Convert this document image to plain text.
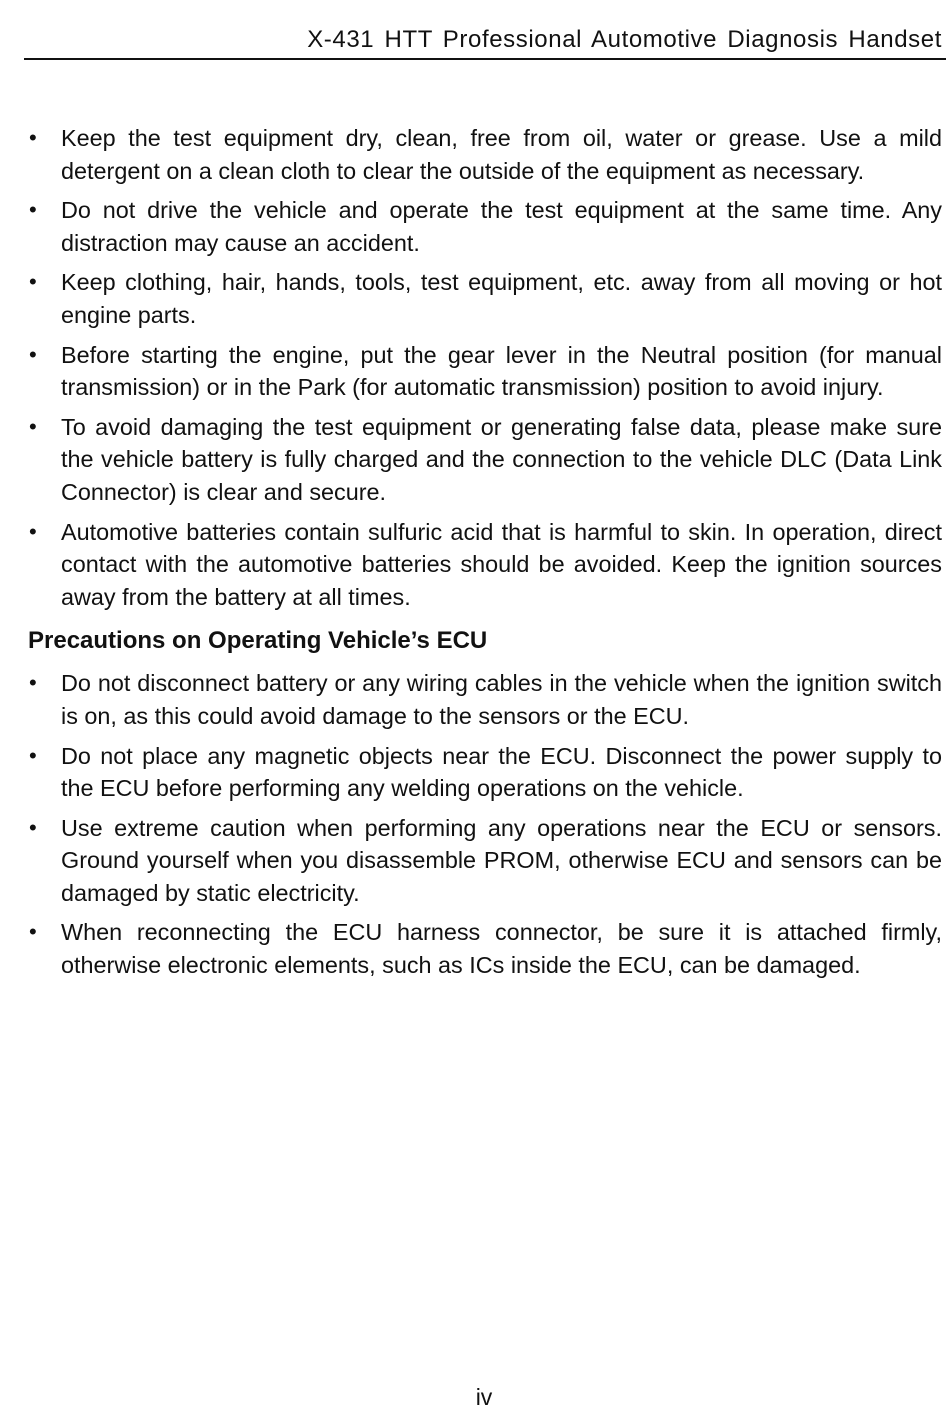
X-431 HTT Professional Automotive Diagnosis Handset
• Keep the test equipment dry, clean, free from oil, water or grease. Use a mild detergent on a clean cloth to clear the outside of the equipment as necessary.
• Do not drive the vehicle and operate the test equipment at the same time. Any distraction may cause an accident.
• Keep clothing, hair, hands, tools, test equipment, etc. away from all moving or hot engine parts.
• Before starting the engine, put the gear lever in the Neutral position (for manual transmission) or in the Park (for automatic transmission) position to avoid injury.
• To avoid damaging the test equipment or generating false data, please make sure the vehicle battery is fully charged and the connection to the vehicle DLC (Data Link Connector) is clear and secure.
• Automotive batteries contain sulfuric acid that is harmful to skin. In operation, direct contact with the automotive batteries should be avoided. Keep the ignition sources away from the battery at all times.
Precautions on Operating Vehicle’s ECU
• Do not disconnect battery or any wiring cables in the vehicle when the ignition switch is on, as this could avoid damage to the sensors or the ECU.
• Do not place any magnetic objects near the ECU. Disconnect the power supply to the ECU before performing any welding operations on the vehicle.
• Use extreme caution when performing any operations near the ECU or sensors. Ground yourself when you disassemble PROM, otherwise ECU and sensors can be damaged by static electricity.
• When reconnecting the ECU harness connector, be sure it is attached firmly, otherwise electronic elements, such as ICs inside the ECU, can be damaged.
iv
